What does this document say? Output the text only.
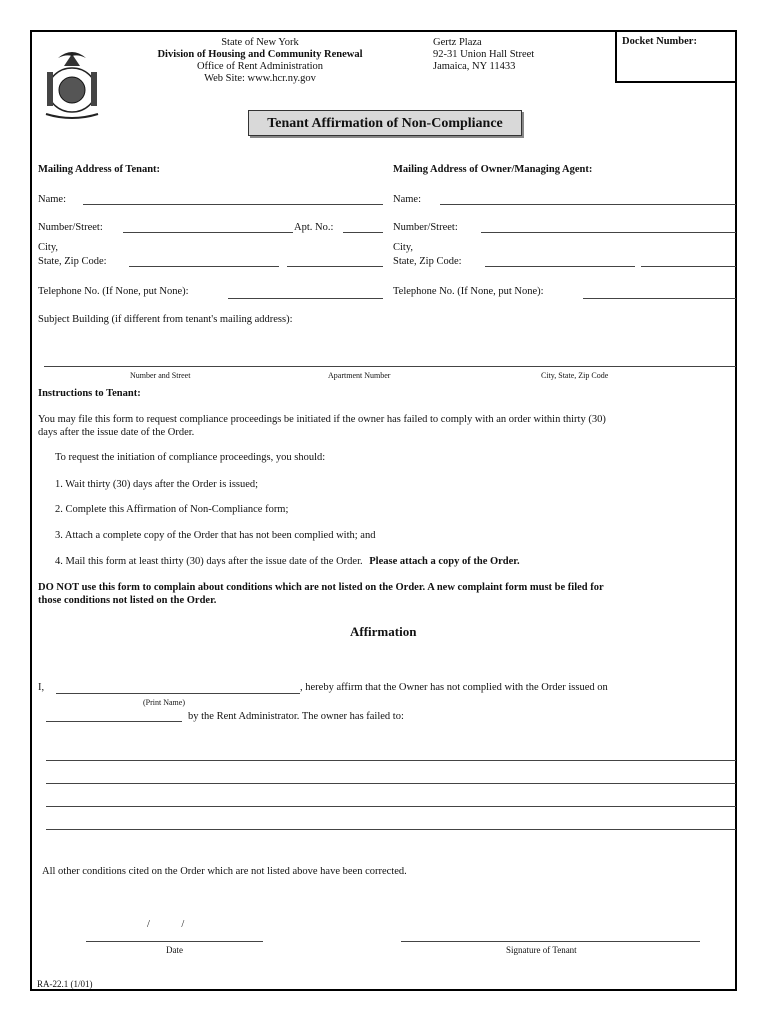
State of New York
Division of Housing and Community Renewal
Office of Rent Administration
Web Site: www.hcr.ny.gov
Gertz Plaza
92-31 Union Hall Street
Jamaica, NY 11433
Docket Number:
Tenant Affirmation of Non-Compliance
Mailing Address of Tenant:
Name:
Number/Street:	Apt. No.:
City,
State, Zip Code:
Telephone No. (If None, put None):
Mailing Address of Owner/Managing Agent:
Name:
Number/Street:
City,
State, Zip Code:
Telephone No. (If None, put None):
Subject Building (if different from tenant's mailing address):
Number and Street	Apartment Number	City, State, Zip Code
Instructions to Tenant:
You may file this form to request compliance proceedings be initiated if the owner has failed to comply with an order within thirty (30)
days after the issue date of the Order.
To request the initiation of compliance proceedings, you should:
1. Wait thirty (30) days after the Order is issued;
2. Complete this Affirmation of Non-Compliance form;
3. Attach a complete copy of the Order that has not been complied with; and
4. Mail this form at least thirty (30) days after the issue date of the Order. Please attach a copy of the Order.
DO NOT use this form to complain about conditions which are not listed on the Order. A new complaint form must be filed for
those conditions not listed on the Order.
Affirmation
I,	, hereby affirm that the Owner has not complied with the Order issued on
(Print Name)
by the Rent Administrator. The owner has failed to:
All other conditions cited on the Order which are not listed above have been corrected.
/            /
Date	Signature of Tenant
RA-22.1 (1/01)
